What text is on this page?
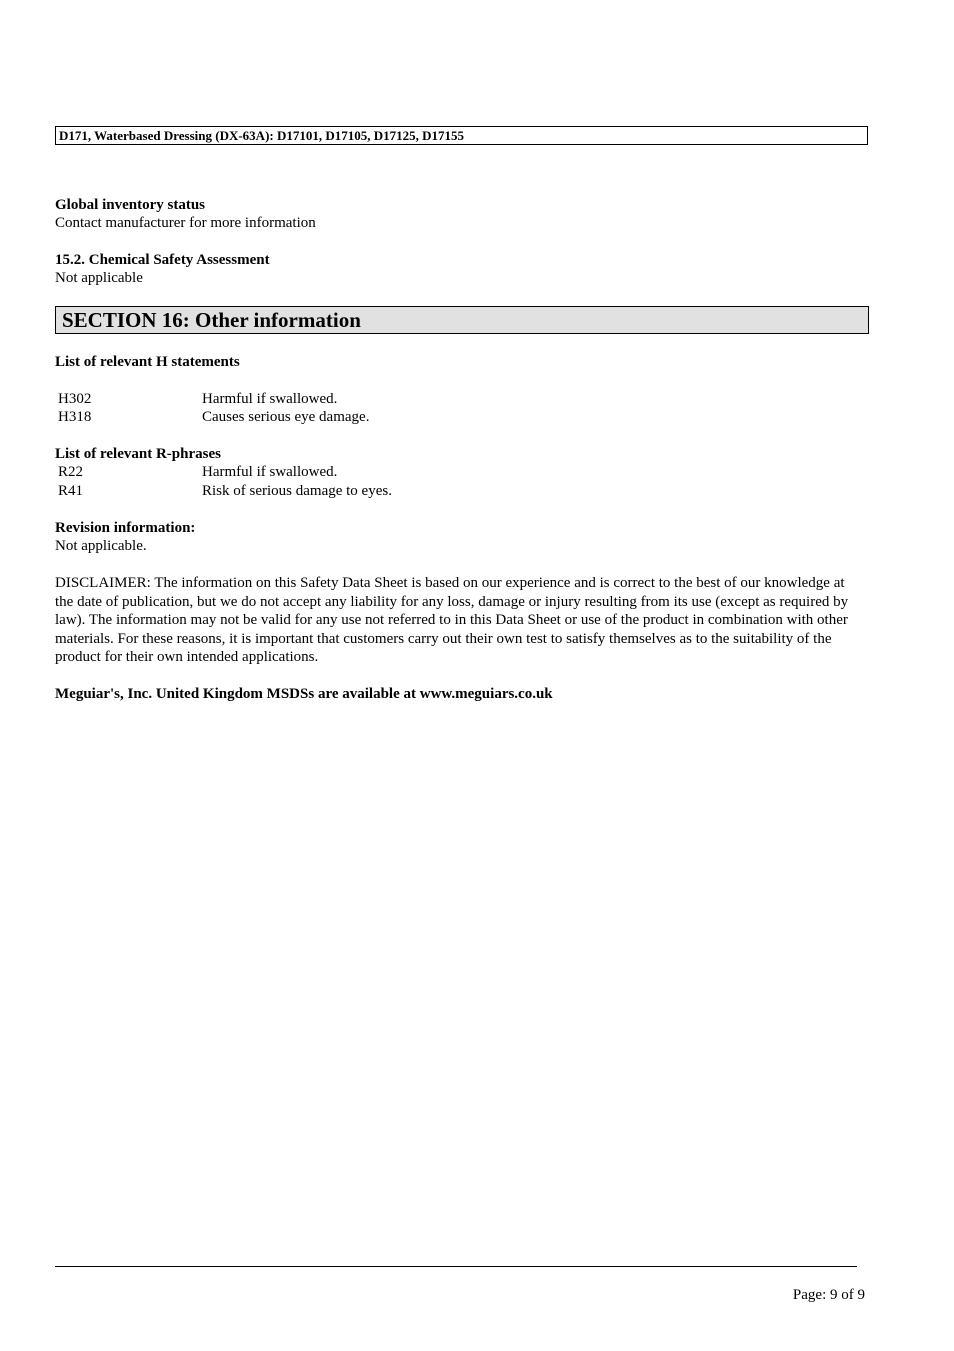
D171, Waterbased Dressing (DX-63A): D17101, D17105, D17125, D17155
Global inventory status
Contact manufacturer for more information
15.2. Chemical Safety Assessment
Not applicable
SECTION 16: Other information
List of relevant H statements
H302	Harmful if swallowed.
H318	Causes serious eye damage.
List of relevant R-phrases
R22	Harmful if swallowed.
R41	Risk of serious damage to eyes.
Revision information:
Not applicable.
DISCLAIMER: The information on this Safety Data Sheet is based on our experience and is correct to the best of our knowledge at the date of publication, but we do not accept any liability for any loss, damage or injury resulting from its use (except as required by law). The information may not be valid for any use not referred to in this Data Sheet or use of the product in combination with other materials. For these reasons, it is important that customers carry out their own test to satisfy themselves as to the suitability of the product for their own intended applications.
Meguiar's, Inc. United Kingdom MSDSs are available at www.meguiars.co.uk
Page: 9 of 9
